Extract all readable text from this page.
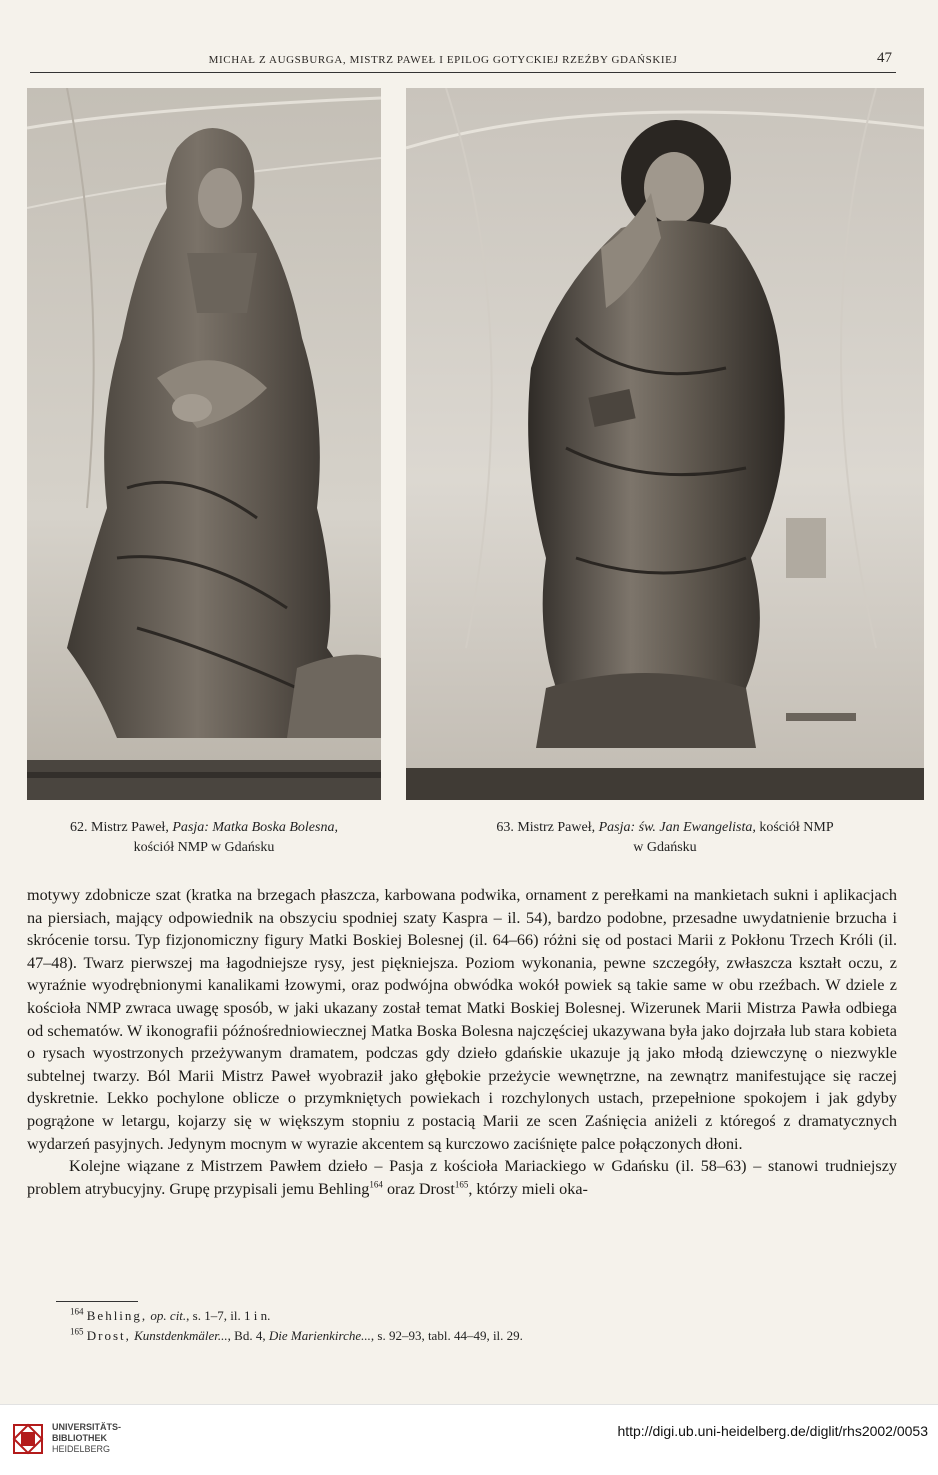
MICHAŁ Z AUGSBURGA, MISTRZ PAWEŁ I EPILOG GOTYCKIEJ RZEŹBY GDAŃSKIEJ	47
62. Mistrz Paweł, Pasja: Matka Boska Bolesna,
kościół NMP w Gdańsku
63. Mistrz Paweł, Pasja: św. Jan Ewangelista, kościół NMP
w Gdańsku

motywy zdobnicze szat (kratka na brzegach płaszcza, karbowana podwika, ornament z perełkami na mankietach sukni i aplikacjach na piersiach, mający odpowiednik na obszyciu spodniej szaty Kaspra – il. 54), bardzo podobne, przesadne uwydatnienie brzucha i skrócenie torsu. Typ fizjonomiczny figury Matki Boskiej Bolesnej (il. 64–66) różni się od postaci Marii z Pokłonu Trzech Króli (il. 47–48). Twarz pierwszej ma łagodniejsze rysy, jest piękniejsza. Poziom wykonania, pewne szczegóły, zwłaszcza kształt oczu, z wyraźnie wyodrębnionymi kanalikami łzowymi, oraz podwójna obwódka wokół powiek są takie same w obu rzeźbach. W dziele z kościoła NMP zwraca uwagę sposób, w jaki ukazany został temat Matki Boskiej Bolesnej. Wizerunek Marii Mistrza Pawła odbiega od schematów. W ikonografii późnośredniowiecznej Matka Boska Bolesna najczęściej ukazywana była jako dojrzała lub stara kobieta o rysach wyostrzonych przeżywanym dramatem, podczas gdy dzieło gdańskie ukazuje ją jako młodą dziewczynę o niezwykle subtelnej twarzy. Ból Marii Mistrz Paweł wyobraził jako głębokie przeżycie wewnętrzne, na zewnątrz manifestujące się raczej dyskretnie. Lekko pochylone oblicze o przymkniętych powiekach i rozchylonych ustach, przepełnione spokojem i jak gdyby pogrążone w letargu, kojarzy się w większym stopniu z postacią Marii ze scen Zaśnięcia aniżeli z któregoś z dramatycznych wydarzeń pasyjnych. Jedynym mocnym w wyrazie akcentem są kurczowo zaciśnięte palce połączonych dłoni.

Kolejne wiązane z Mistrzem Pawłem dzieło – Pasja z kościoła Mariackiego w Gdańsku (il. 58–63) – stanowi trudniejszy problem atrybucyjny. Grupę przypisali jemu Behling$^{164}$ oraz Drost$^{165}$, którzy mieli oka-

$^{164}$ Behling, op. cit., s. 1–7, il. 1 i n.
$^{165}$ Drost, Kunstdenkmäler..., Bd. 4, Die Marienkirche..., s. 92–93, tabl. 44–49, il. 29.
UNIVERSITÄTS-
BIBLIOTHEK
HEIDELBERG
http://digi.ub.uni-heidelberg.de/diglit/rhs2002/0053
